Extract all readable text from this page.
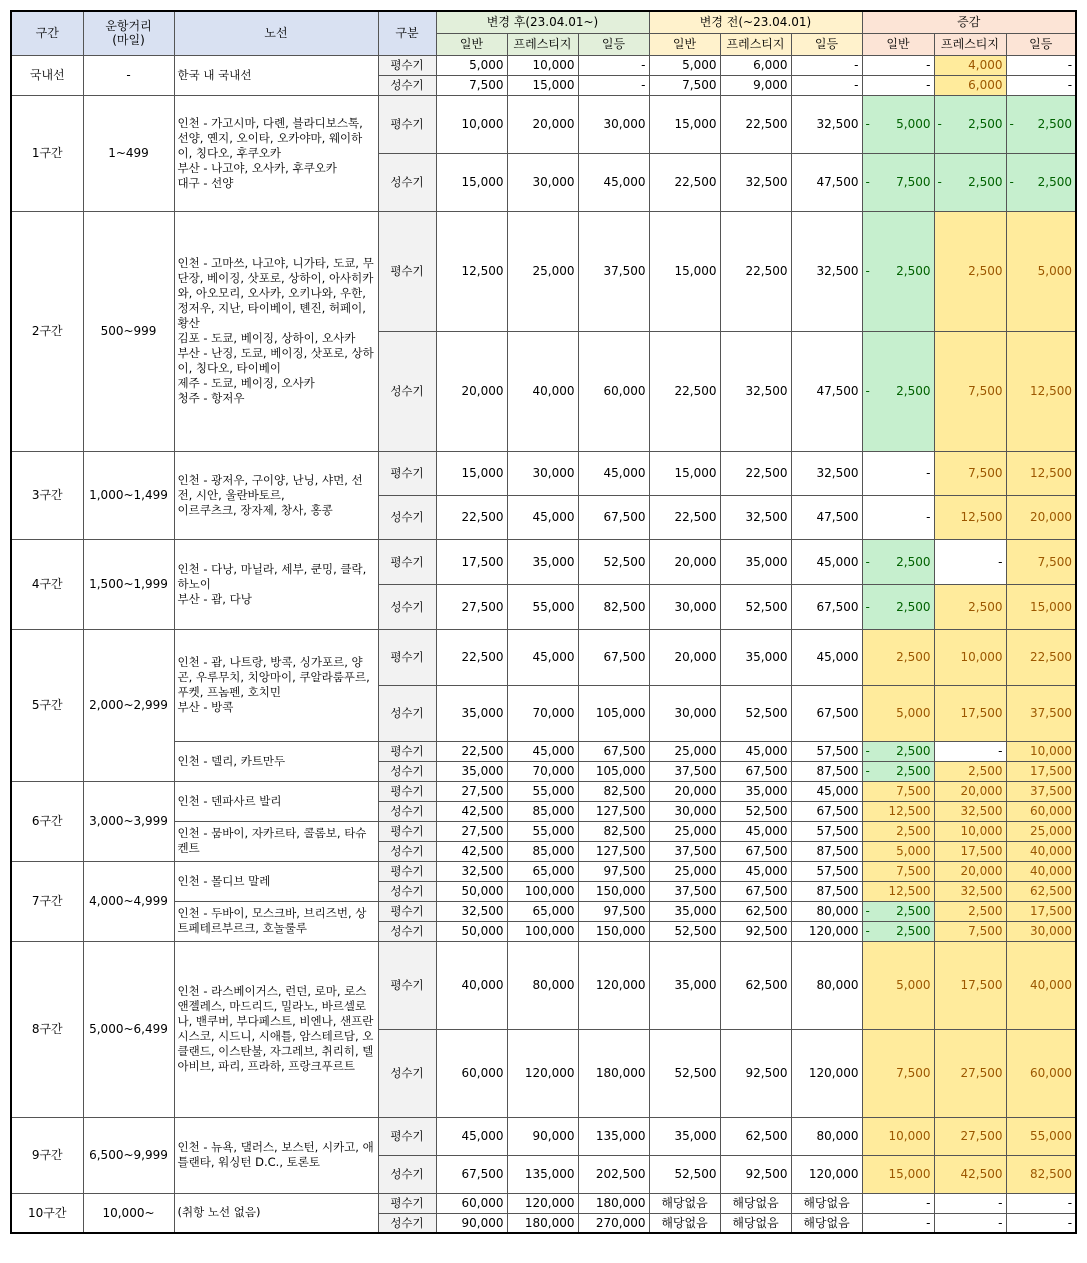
구간	운항거리
(마일)	노선	구분	변경 후(23.04.01~)			변경 전(~23.04.01)			증감		
				일반	프레스티지	일등	일반	프레스티지	일등	일반	프레스티지	일등
국내선	-	한국 내 국내선	평수기	5,000	10,000	-	5,000	6,000	-	-	4,000	-
			성수기	7,500	15,000	-	7,500	9,000	-	-	6,000	-
1구간	1~499	인천 - 가고시마, 다롄, 블라디보스톡, 선양, 옌지, 오이타, 오카야마, 웨이하이, 칭다오, 후쿠오카
부산 - 나고야, 오사카, 후쿠오카
대구 - 선양	평수기	10,000	20,000	30,000	15,000	22,500	32,500	- 5,000	- 2,500	- 2,500
			성수기	15,000	30,000	45,000	22,500	32,500	47,500	- 7,500	- 2,500	- 2,500
2구간	500~999	인천 - 고마쓰, 나고야, 니가타, 도쿄, 무단장, 베이징, 삿포로, 상하이, 아사히카와, 아오모리, 오사카, 오키나와, 우한, 정저우, 지난, 타이베이, 톈진, 허페이, 황산
김포 - 도쿄, 베이징, 상하이, 오사카
부산 - 난징, 도쿄, 베이징, 삿포로, 상하이, 칭다오, 타이베이
제주 - 도쿄, 베이징, 오사카
청주 - 항저우	평수기	12,500	25,000	37,500	15,000	22,500	32,500	- 2,500	2,500	5,000
			성수기	20,000	40,000	60,000	22,500	32,500	47,500	- 2,500	7,500	12,500
3구간	1,000~1,499	인천 - 광저우, 구이양, 난닝, 샤먼, 선전, 시안, 울란바토르,
이르쿠츠크, 장자제, 창사, 홍콩	평수기	15,000	30,000	45,000	15,000	22,500	32,500	-	7,500	12,500
			성수기	22,500	45,000	67,500	22,500	32,500	47,500	-	12,500	20,000
4구간	1,500~1,999	인천 - 다낭, 마닐라, 세부, 쿤밍, 클락, 하노이
부산 - 괌, 다낭	평수기	17,500	35,000	52,500	20,000	35,000	45,000	- 2,500	-	7,500
			성수기	27,500	55,000	82,500	30,000	52,500	67,500	- 2,500	2,500	15,000
5구간	2,000~2,999	인천 - 괌, 나트랑, 방콕, 싱가포르, 양곤, 우루무치, 치앙마이, 쿠알라룸푸르, 푸켓, 프놈펜, 호치민
부산 - 방콕	평수기	22,500	45,000	67,500	20,000	35,000	45,000	2,500	10,000	22,500
			성수기	35,000	70,000	105,000	30,000	52,500	67,500	5,000	17,500	37,500
		인천 - 델리, 카트만두	평수기	22,500	45,000	67,500	25,000	45,000	57,500	- 2,500	-	10,000
			성수기	35,000	70,000	105,000	37,500	67,500	87,500	- 2,500	2,500	17,500
6구간	3,000~3,999	인천 - 덴파사르 발리	평수기	27,500	55,000	82,500	20,000	35,000	45,000	7,500	20,000	37,500
			성수기	42,500	85,000	127,500	30,000	52,500	67,500	12,500	32,500	60,000
		인천 - 뭄바이, 자카르타, 콜롬보, 타슈켄트	평수기	27,500	55,000	82,500	25,000	45,000	57,500	2,500	10,000	25,000
			성수기	42,500	85,000	127,500	37,500	67,500	87,500	5,000	17,500	40,000
7구간	4,000~4,999	인천 - 몰디브 말레	평수기	32,500	65,000	97,500	25,000	45,000	57,500	7,500	20,000	40,000
			성수기	50,000	100,000	150,000	37,500	67,500	87,500	12,500	32,500	62,500
		인천 - 두바이, 모스크바, 브리즈번, 상트페테르부르크, 호놀룰루	평수기	32,500	65,000	97,500	35,000	62,500	80,000	- 2,500	2,500	17,500
			성수기	50,000	100,000	150,000	52,500	92,500	120,000	- 2,500	7,500	30,000
8구간	5,000~6,499	인천 - 라스베이거스, 런던, 로마, 로스앤젤레스, 마드리드, 밀라노, 바르셀로나, 밴쿠버, 부다페스트, 비엔나, 샌프란시스코, 시드니, 시애틀, 암스테르담, 오클랜드, 이스탄불, 자그레브, 취리히, 텔아비브, 파리, 프라하, 프랑크푸르트	평수기	40,000	80,000	120,000	35,000	62,500	80,000	5,000	17,500	40,000
			성수기	60,000	120,000	180,000	52,500	92,500	120,000	7,500	27,500	60,000
9구간	6,500~9,999	인천 - 뉴욕, 댈러스, 보스턴, 시카고, 애틀랜타, 워싱턴 D.C., 토론토	평수기	45,000	90,000	135,000	35,000	62,500	80,000	10,000	27,500	55,000
			성수기	67,500	135,000	202,500	52,500	92,500	120,000	15,000	42,500	82,500
10구간	10,000~	(취항 노선 없음)	평수기	60,000	120,000	180,000	해당없음	해당없음	해당없음	-	-	-
			성수기	90,000	180,000	270,000	해당없음	해당없음	해당없음	-	-	-
